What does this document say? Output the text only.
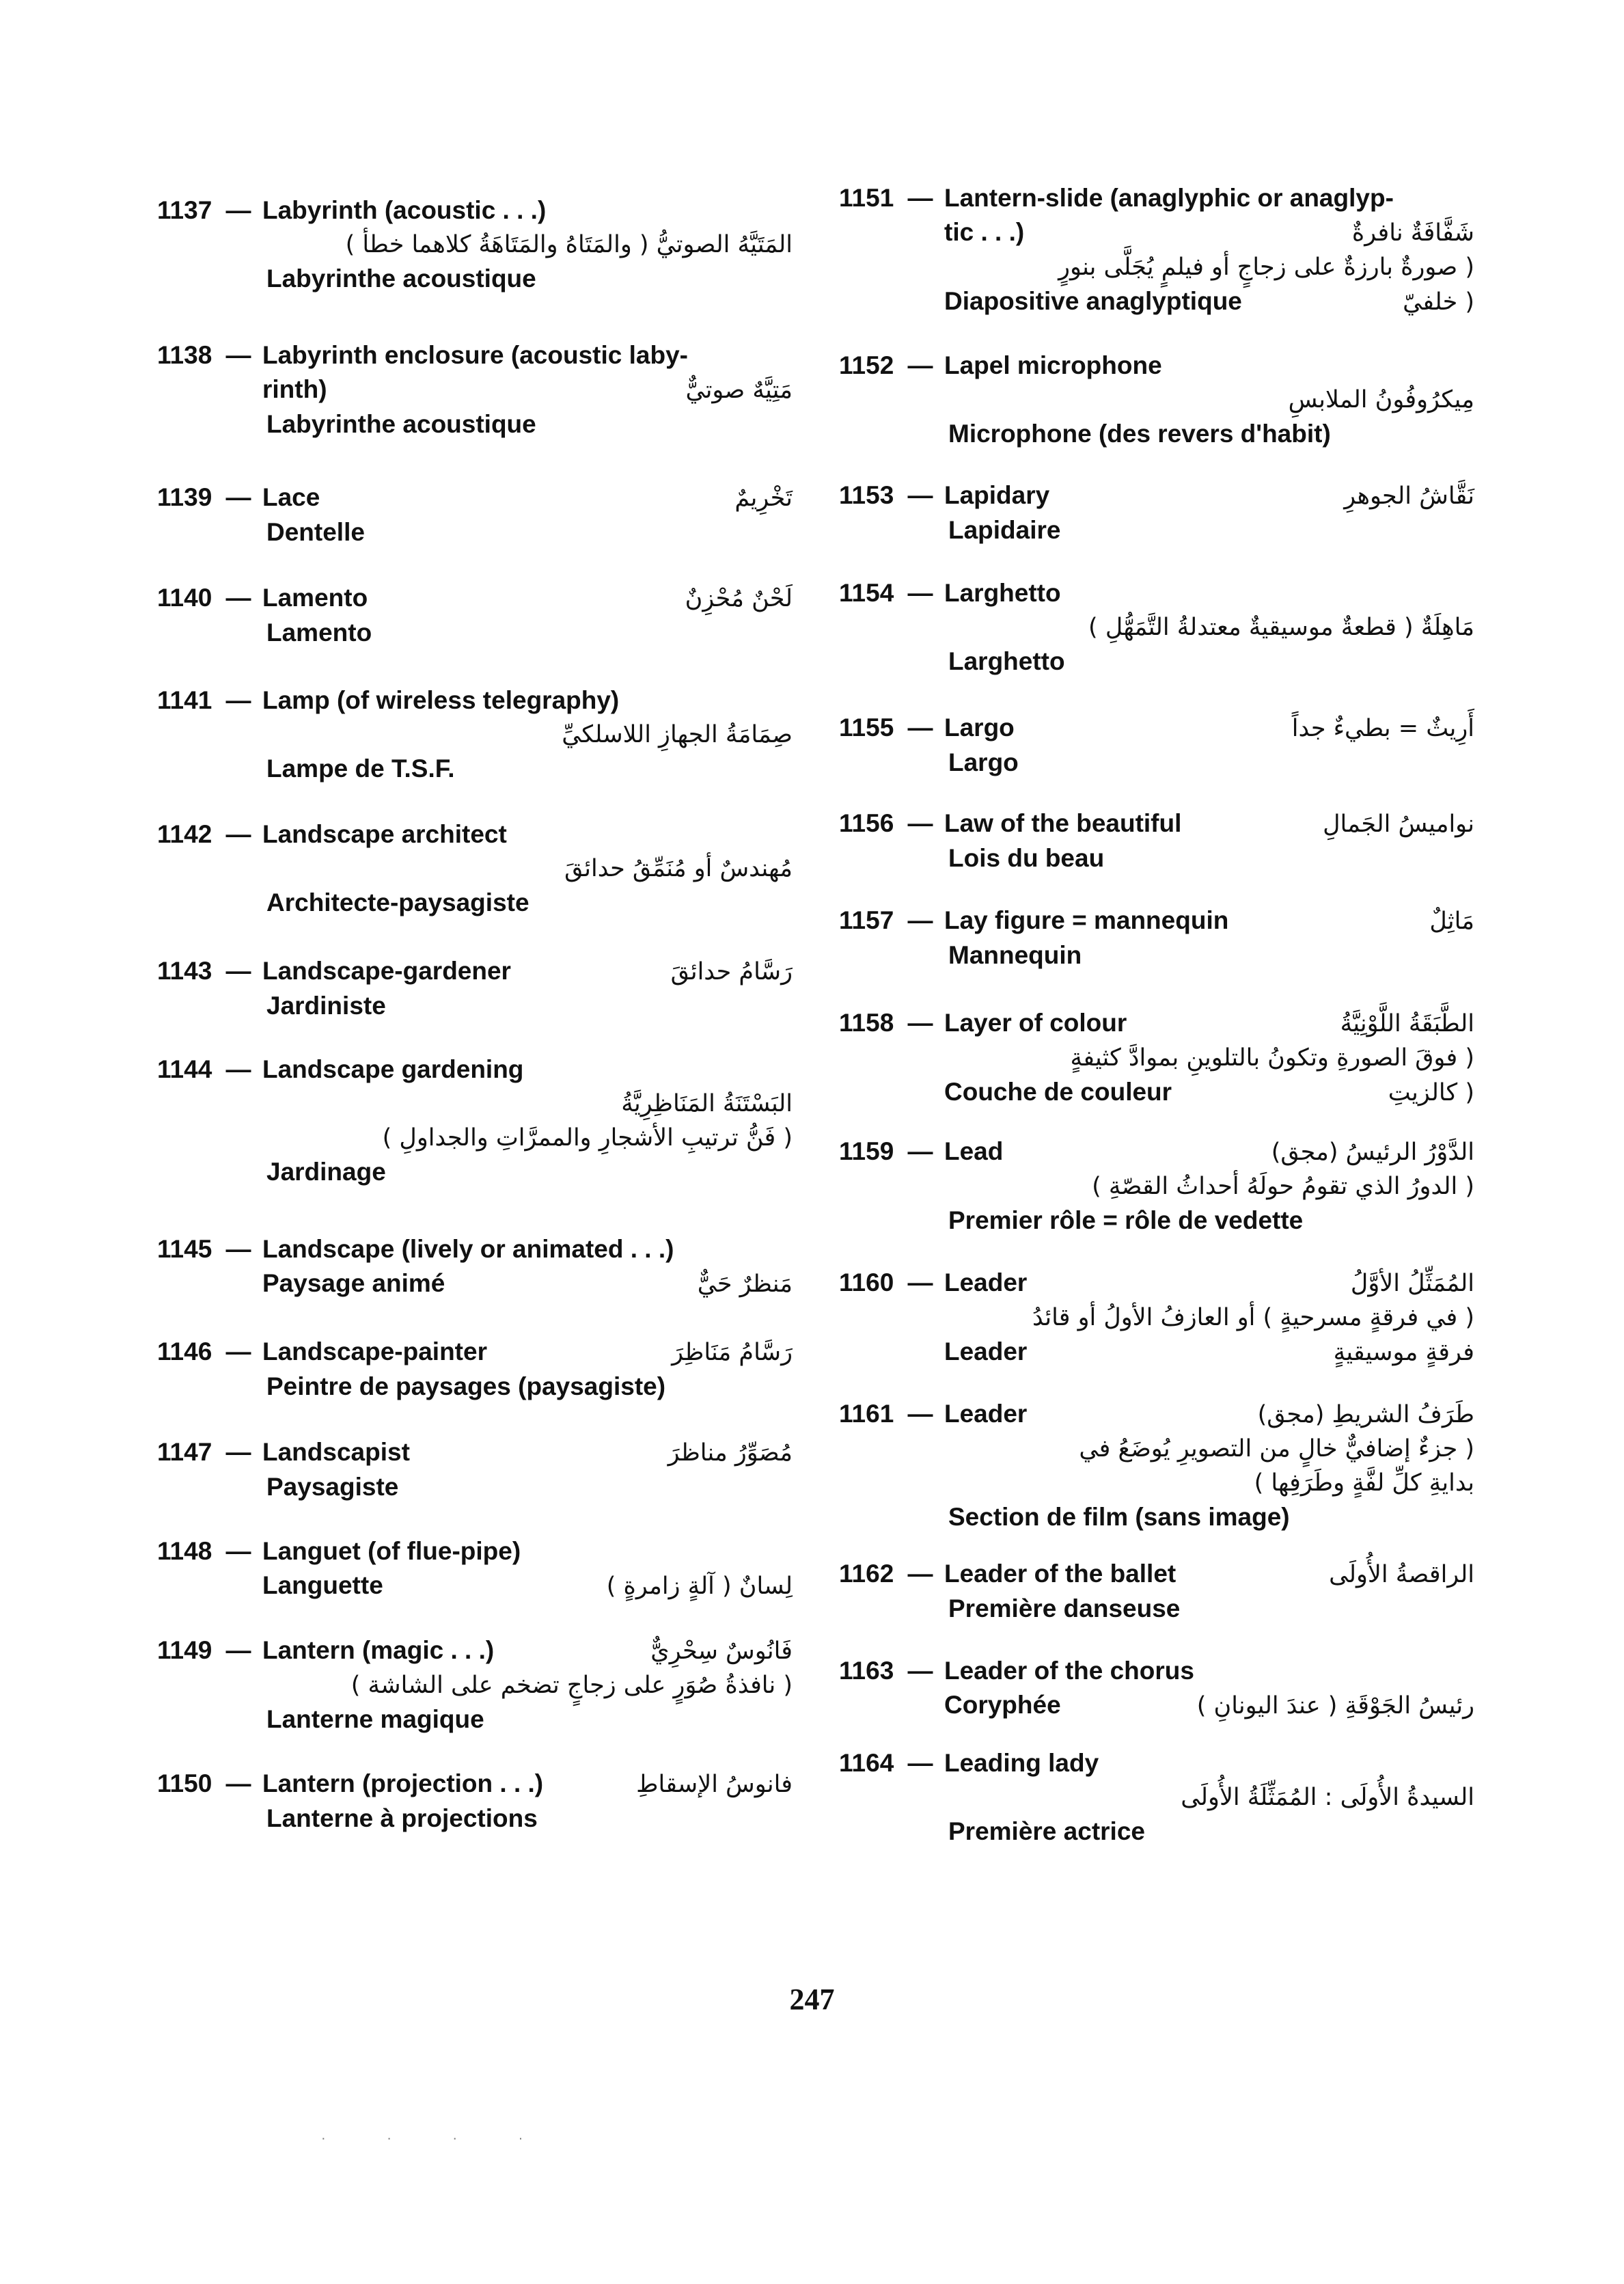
1137 — Labyrinth (acoustic . . .)
المَتَيَّهُ الصوتيُّ ( والمَتَاهُ والمَتَاهَةُ كلاهما خطأ )
Labyrinthe acoustique
1138 — Labyrinth enclosure (acoustic laby-
rinth)	مَتِيَّهٌ صوتيٌّ
Labyrinthe acoustique
1139 — Lace	تَخْرِيمٌ
Dentelle
1140 — Lamento	لَحْنٌ مُحْزِنٌ
Lamento
1141 — Lamp (of wireless telegraphy)
صِمَامَةُ الجهازِ اللاسلكيِّ
Lampe de T.S.F.
1142 — Landscape architect
مُهندسٌ أو مُنَمِّقُ حدائقَ
Architecte-paysagiste
1143 — Landscape-gardener	رَسَّامُ حدائقَ
Jardiniste
1144 — Landscape gardening
البَسْتَنَةُ المَنَاظِرِيَّةُ
( فَنُّ ترتيبِ الأشجارِ والممرَّاتِ والجداولِ )
Jardinage
1145 — Landscape (lively or animated . . .)
Paysage animé	مَنظرٌ حَيٌّ
1146 — Landscape-painter	رَسَّامُ مَنَاظِرَ
Peintre de paysages (paysagiste)
1147 — Landscapist	مُصَوِّرُ مناظرَ
Paysagiste
1148 — Languet (of flue-pipe)
Languette	لِسانٌ ( آلةٍ زامرةٍ )
1149 — Lantern (magic . . .)	فَانُوسٌ سِحْرِيٌّ
( نافذةُ صُوَرٍ على زجاجٍ تضخم على الشاشة )
Lanterne magique
1150 — Lantern (projection . . .)	فانوسُ الإسقاطِ
Lanterne à projections
1151 — Lantern-slide (anaglyphic or anaglyp-
tic . . .)	شَفَّافَةٌ نافرةٌ
( صورةٌ بارزةٌ على زجاجٍ أو فيلمٍ يُجَلَّى بنورٍ
Diapositive anaglyptique	( خلفيّ
1152 — Lapel microphone
مِيكرُوفُونُ الملابسِ
Microphone (des revers d'habit)
1153 — Lapidary	نَقَّاشُ الجوهرِ
Lapidaire
1154 — Larghetto
مَاهِلَةٌ ( قطعةٌ موسيقيةٌ معتدلةُ التَّمَهُّلِ )
Larghetto
1155 — Largo	أَرِيثٌ = بطيءٌ جداً
Largo
1156 — Law of the beautiful	نواميسُ الجَمالِ
Lois du beau
1157 — Lay figure = mannequin	مَاثِلٌ
Mannequin
1158 — Layer of colour	الطَّبَقَةُ اللَّوْنِيَّةُ
( فوقَ الصورةِ وتكونُ بالتلوينِ بموادَّ كثيفةٍ
Couche de couleur	( كالزيتِ
1159 — Lead	الدَّوْرُ الرئيسُ (مجق)
( الدورُ الذي تقومُ حولَهُ أحداثُ القصّةِ )
Premier rôle = rôle de vedette
1160 — Leader	المُمَثِّلُ الأوَّلُ
( في فرقةٍ مسرحيةٍ ) أو العازفُ الأولُ أو قائدُ
Leader	فرقةٍ موسيقيةٍ
1161 — Leader	طَرَفُ الشريطِ (مجق)
( جزءٌ إضافيٌّ خالٍ من التصويرِ يُوضَعُ في
بدايةِ كلِّ لفَّةٍ وطَرَفِها )
Section de film (sans image)
1162 — Leader of the ballet	الراقصةُ الأُولَى
Première danseuse
1163 — Leader of the chorus
Coryphée	رئيسُ الجَوْقَةِ ( عندَ اليونانِ )
1164 — Leading lady
السيدةُ الأُولَى : المُمَثِّلَةُ الأُولَى
Première actrice
247
· · · ·
